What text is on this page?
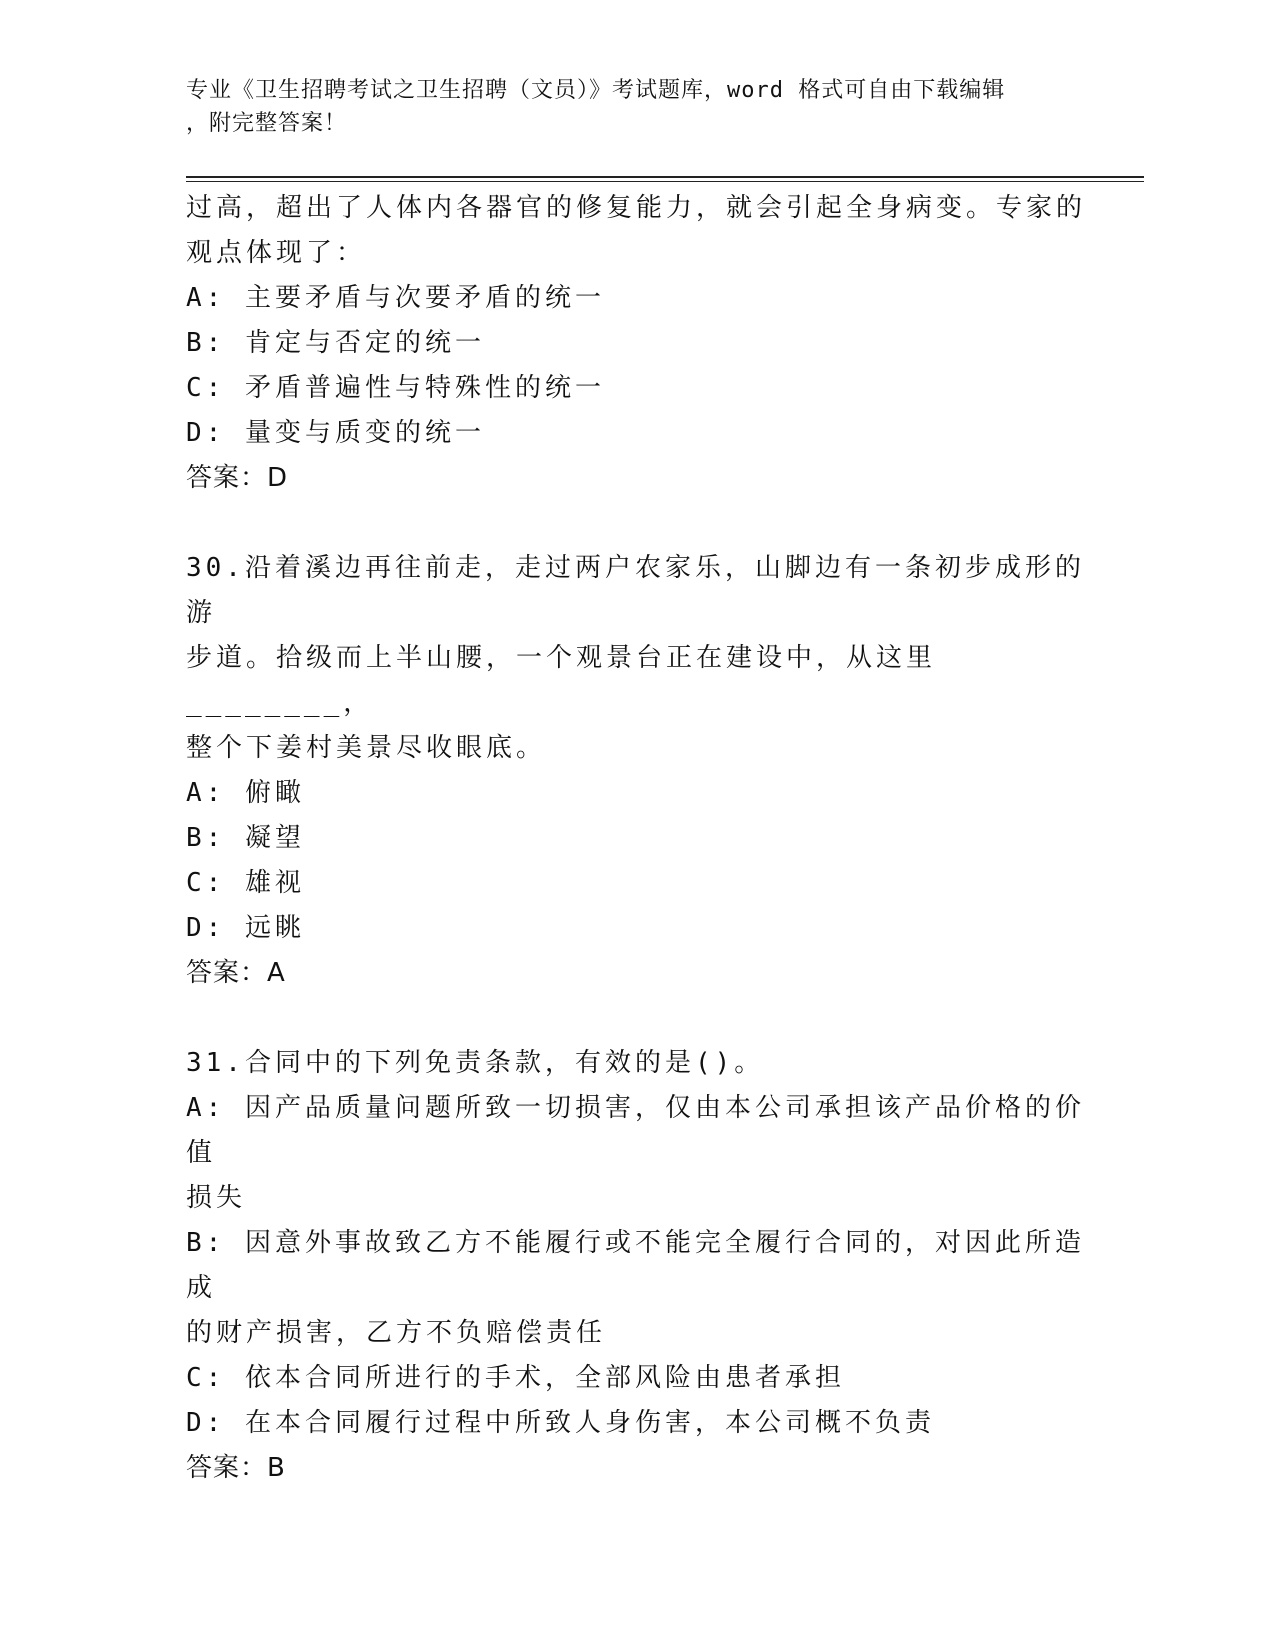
专业《卫生招聘考试之卫生招聘（文员）》考试题库，word 格式可自由下载编辑
，附完整答案！

过高，超出了人体内各器官的修复能力，就会引起全身病变。专家的

观点体现了：

A: 主要矛盾与次要矛盾的统一

B: 肯定与否定的统一

C: 矛盾普遍性与特殊性的统一

D: 量变与质变的统一

答案：D

30.沿着溪边再往前走，走过两户农家乐，山脚边有一条初步成形的游

步道。拾级而上半山腰，一个观景台正在建设中，从这里________，

整个下姜村美景尽收眼底。

A: 俯瞰

B: 凝望

C: 雄视

D: 远眺

答案：A

31.合同中的下列免责条款，有效的是()。

A: 因产品质量问题所致一切损害，仅由本公司承担该产品价格的价值

损失

B: 因意外事故致乙方不能履行或不能完全履行合同的，对因此所造成

的财产损害，乙方不负赔偿责任

C: 依本合同所进行的手术，全部风险由患者承担

D: 在本合同履行过程中所致人身伤害，本公司概不负责

答案：B
